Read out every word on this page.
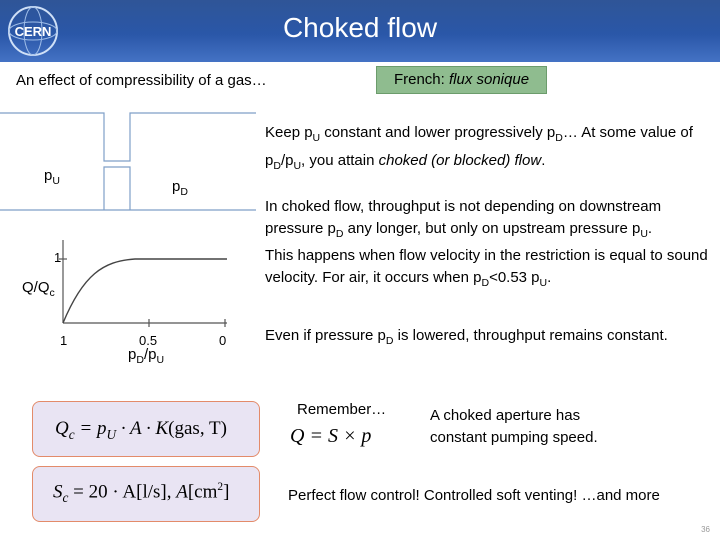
CERN	Choked flow
An effect of compressibility of a gas…	French: flux sonique
$p_U$	$p_D$
1
$Q/Q_c$
1	0.5	0
$p_D/p_U$
Keep $p_U$ constant and lower progressively $p_D\dots$ At some value of $p_D/p_U$, you attain choked (or blocked) flow.
In choked flow, throughput is not depending on downstream pressure $p_D$ any longer, but only on upstream pressure $p_U$.
This happens when flow velocity in the restriction is equal to sound velocity. For air, it occurs when $p_D<0.53$ $p_U$.
Even if pressure $p_D$ is lowered, throughput remains constant.
Remember…
Q = S × p
A choked aperture has constant pumping speed.
$Q_c = p_U \cdot A \cdot K(gas$, T)
$S_c = 20 \cdot A[l/s]$, $A[cm^2]$	Perfect flow control! Controlled soft venting! …and more
36
